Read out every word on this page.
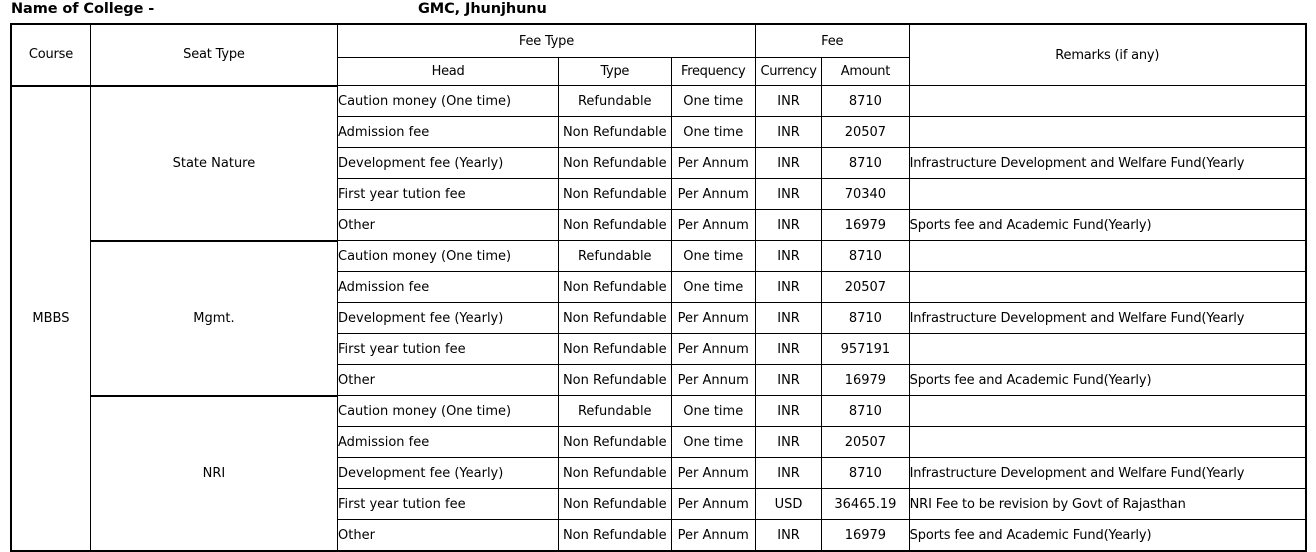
Name of College -	GMC, Jhunjhunu
Course	Seat Type	Fee Type			Fee		Remarks (if any)
		Head	Type	Frequency	Currency	Amount	
MBBS	State Nature	Caution money (One time)	Refundable	One time	INR	8710	
		Admission fee	Non Refundable	One time	INR	20507	
		Development fee (Yearly)	Non Refundable	Per Annum	INR	8710	Infrastructure Development and Welfare Fund(Yearly
		First year tution fee	Non Refundable	Per Annum	INR	70340	
		Other	Non Refundable	Per Annum	INR	16979	Sports fee and Academic Fund(Yearly)
	Mgmt.	Caution money (One time)	Refundable	One time	INR	8710	
		Admission fee	Non Refundable	One time	INR	20507	
		Development fee (Yearly)	Non Refundable	Per Annum	INR	8710	Infrastructure Development and Welfare Fund(Yearly
		First year tution fee	Non Refundable	Per Annum	INR	957191	
		Other	Non Refundable	Per Annum	INR	16979	Sports fee and Academic Fund(Yearly)
	NRI	Caution money (One time)	Refundable	One time	INR	8710	
		Admission fee	Non Refundable	One time	INR	20507	
		Development fee (Yearly)	Non Refundable	Per Annum	INR	8710	Infrastructure Development and Welfare Fund(Yearly
		First year tution fee	Non Refundable	Per Annum	USD	36465.19	NRI Fee to be revision by Govt of Rajasthan
		Other	Non Refundable	Per Annum	INR	16979	Sports fee and Academic Fund(Yearly)
